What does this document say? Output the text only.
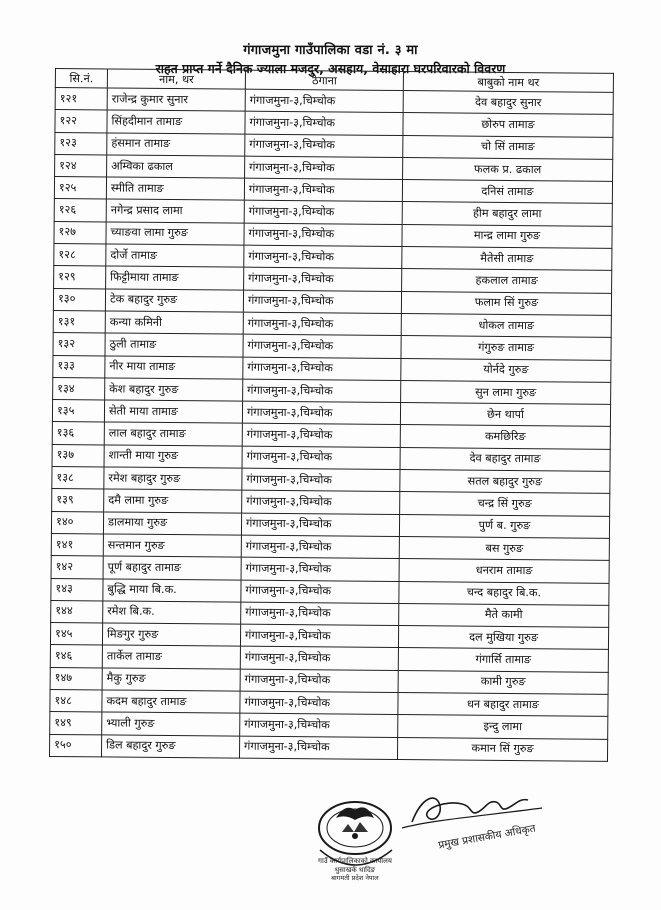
गंगाजमुना गाउँपालिका वडा नं. ३ मा
राहत प्राप्त गर्ने दैनिक ज्याला मजदुर, असहाय, वेसाहारा घरपरिवारको विवरण
सि.नं.	नाम, थर	ठेगाना	बाबुको नाम थर
१२१	राजेन्द्र कुमार सुनार	गंगाजमुना-३,चिम्चोक	देव बहादुर सुनार
१२२	सिंहदीमान तामाङ	गंगाजमुना-३,चिम्चोक	छोरुप तामाङ
१२३	हंसमान तामाङ	गंगाजमुना-३,चिम्चोक	चो सिं तामाङ
१२४	अम्विका ढकाल	गंगाजमुना-३,चिम्चोक	फलक प्र. ढकाल
१२५	स्मीति तामाङ	गंगाजमुना-३,चिम्चोक	दनिसं तामाङ
१२६	नगेन्द्र प्रसाद लामा	गंगाजमुना-३,चिम्चोक	हीम बहादुर लामा
१२७	च्याङवा लामा गुरुङ	गंगाजमुना-३,चिम्चोक	मान्द्र लामा गुरुङ
१२८	दोर्जे तामाङ	गंगाजमुना-३,चिम्चोक	मैतेसी तामाङ
१२९	फिट्टीमाया तामाङ	गंगाजमुना-३,चिम्चोक	हकलाल तामाङ
१३०	टेक बहादुर गुरुङ	गंगाजमुना-३,चिम्चोक	फलाम सिं गुरुङ
१३१	कन्या कमिनी	गंगाजमुना-३,चिम्चोक	धोकल तामाङ
१३२	ठुली तामाङ	गंगाजमुना-३,चिम्चोक	गंगुरुङ तामाङ
१३३	नीर माया तामाङ	गंगाजमुना-३,चिम्चोक	योर्नदे गुरुङ
१३४	केश बहादुर गुरुङ	गंगाजमुना-३,चिम्चोक	सुन लामा गुरुङ
१३५	सेती माया तामाङ	गंगाजमुना-३,चिम्चोक	छेन थार्पा
१३६	लाल बहादुर तामाङ	गंगाजमुना-३,चिम्चोक	कमछिरिङ
१३७	शान्ती माया गुरुङ	गंगाजमुना-३,चिम्चोक	देव बहादुर तामाङ
१३८	रमेश बहादुर गुरुङ	गंगाजमुना-३,चिम्चोक	सतल बहादुर गुरुङ
१३९	दमै लामा गुरुङ	गंगाजमुना-३,चिम्चोक	चन्द्र सिं गुरुङ
१४०	डालमाया गुरुङ	गंगाजमुना-३,चिम्चोक	पुर्ण ब. गुरुङ
१४१	सन्तमान गुरुङ	गंगाजमुना-३,चिम्चोक	बस गुरुङ
१४२	पूर्ण बहादुर तामाङ	गंगाजमुना-३,चिम्चोक	धनराम तामाङ
१४३	बुद्धि माया बि.क.	गंगाजमुना-३,चिम्चोक	चन्द बहादुर बि.क.
१४४	रमेश बि.क.	गंगाजमुना-३,चिम्चोक	मैते कामी
१४५	मिङगुर गुरुङ	गंगाजमुना-३,चिम्चोक	दल मुखिया गुरुङ
१४६	तार्केल तामाङ	गंगाजमुना-३,चिम्चोक	गंगार्सि तामाङ
१४७	मैकु गुरुङ	गंगाजमुना-३,चिम्चोक	कामी गुरुङ
१४८	कदम बहादुर तामाङ	गंगाजमुना-३,चिम्चोक	धन बहादुर तामाङ
१४९	भ्याली गुरुङ	गंगाजमुना-३,चिम्चोक	इन्दु लामा
१५०	डिल बहादुर गुरुङ	गंगाजमुना-३,चिम्चोक	कमान सिं गुरुङ
गाउँ कार्यपालिकाको कार्यालय
धुसाखर्क धादिङ
बागमती प्रदेश नेपाल
प्रमुख प्रशासकीय अधिकृत
